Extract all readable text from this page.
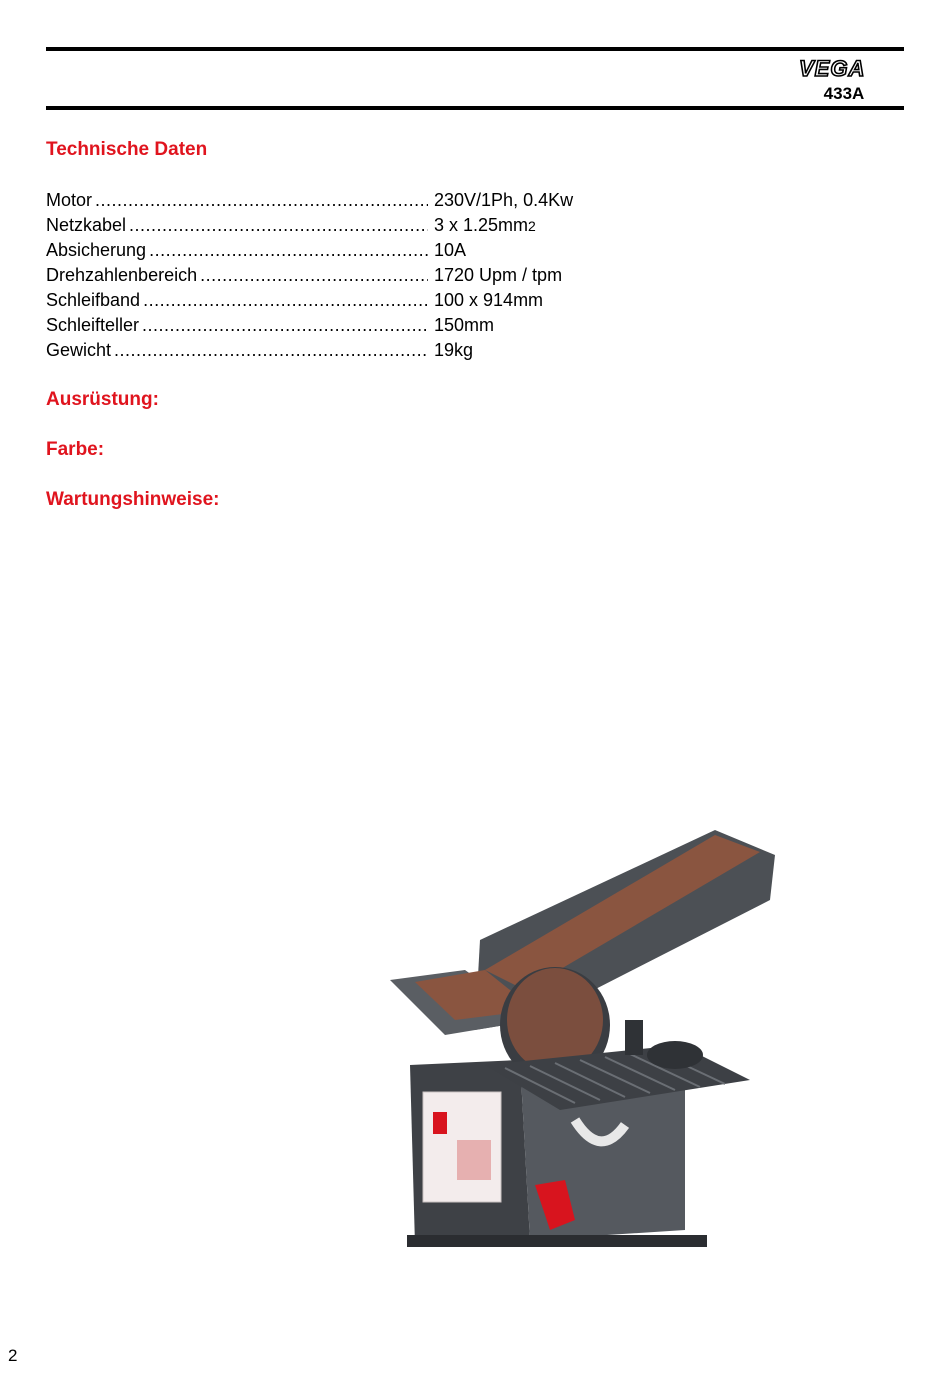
VEGA
433A
Technische Daten
Motor .....	230V/1Ph, 0.4Kw
Netzkabel .....	3 x 1.25mm2
Absicherung .....	10A
Drehzahlenbereich .....	1720 Upm / tpm
Schleifband .....	100 x 914mm
Schleifteller .....	150mm
Gewicht .....	19kg
Ausrüstung:
Farbe:
Wartungshinweise:
2
